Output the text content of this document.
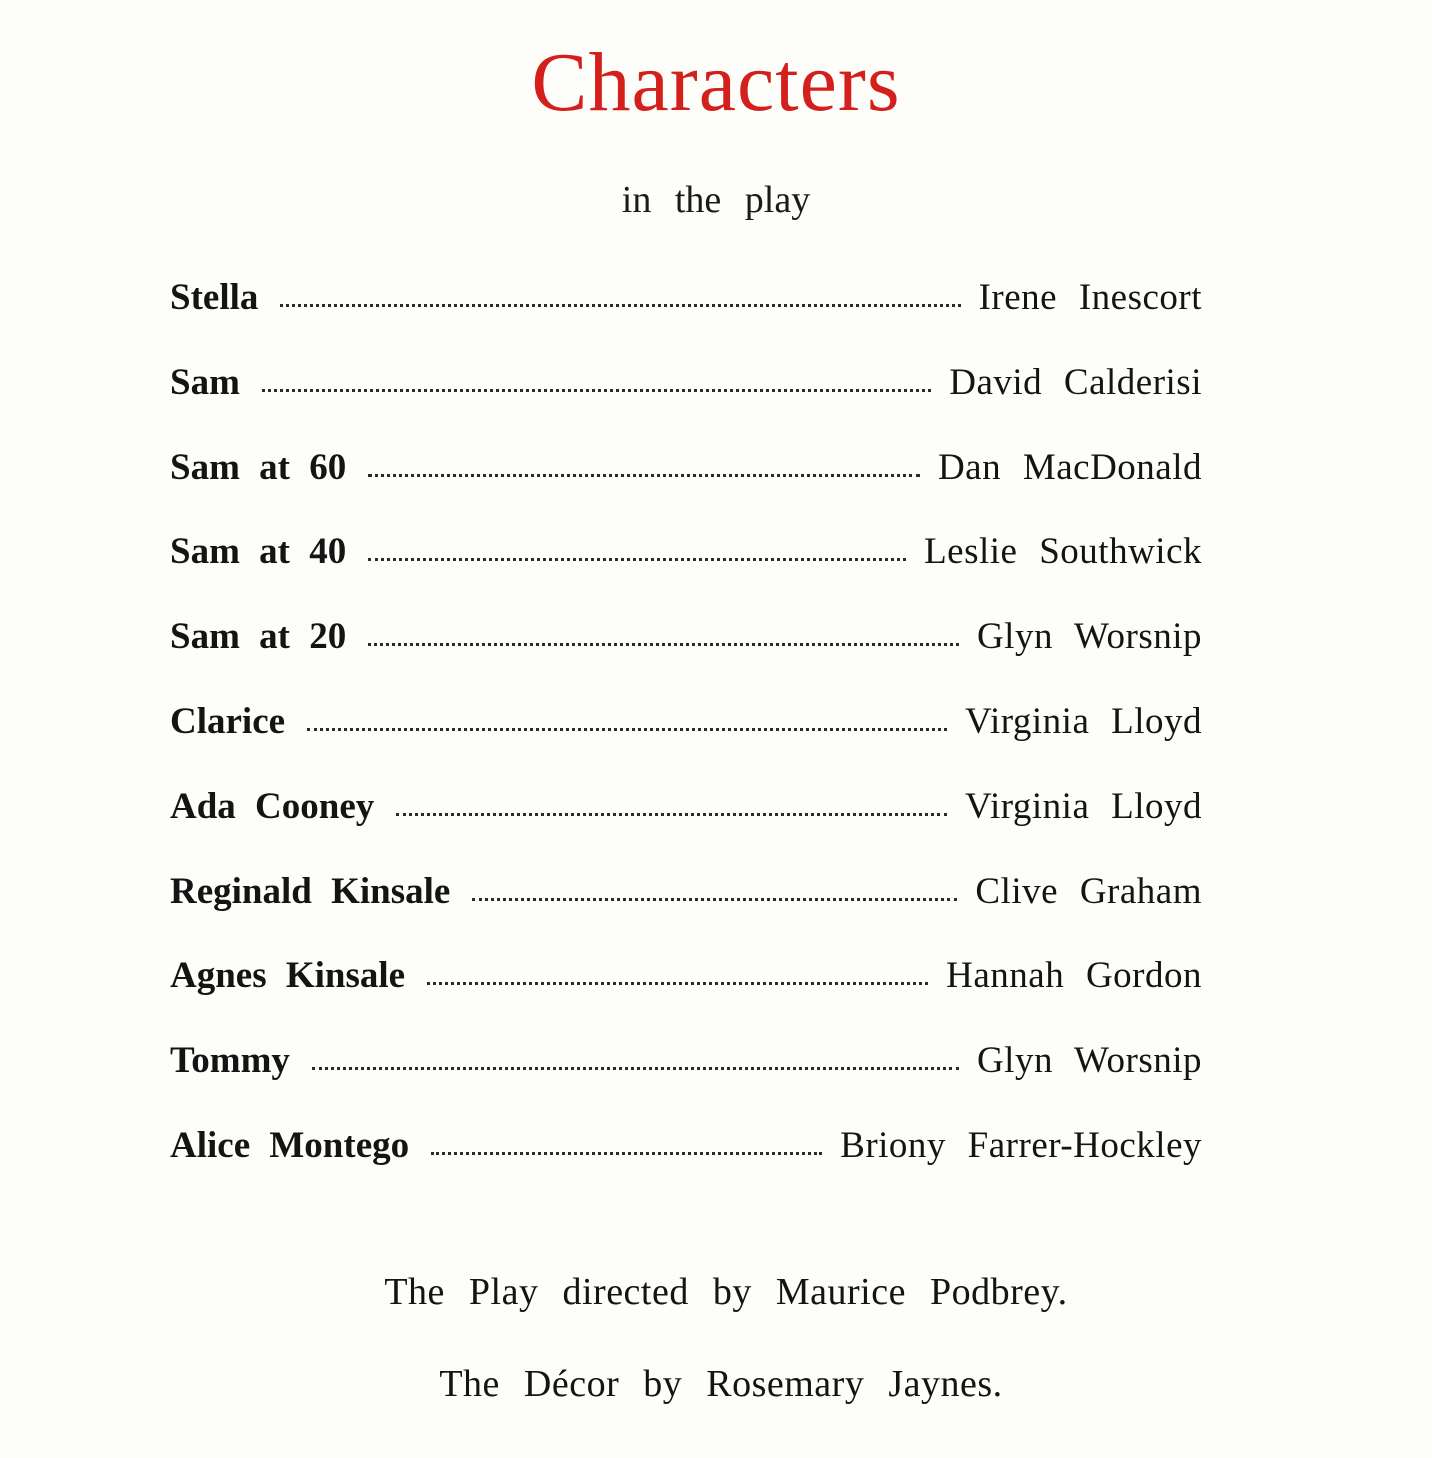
Characters

in the play

Stella	Irene Inescort
Sam	David Calderisi
Sam at 60	Dan MacDonald
Sam at 40	Leslie Southwick
Sam at 20	Glyn Worsnip
Clarice	Virginia Lloyd
Ada Cooney	Virginia Lloyd
Reginald Kinsale	Clive Graham
Agnes Kinsale	Hannah Gordon
Tommy	Glyn Worsnip
Alice Montego	Briony Farrer-Hockley

The Play directed by Maurice Podbrey.

The Décor by Rosemary Jaynes.
